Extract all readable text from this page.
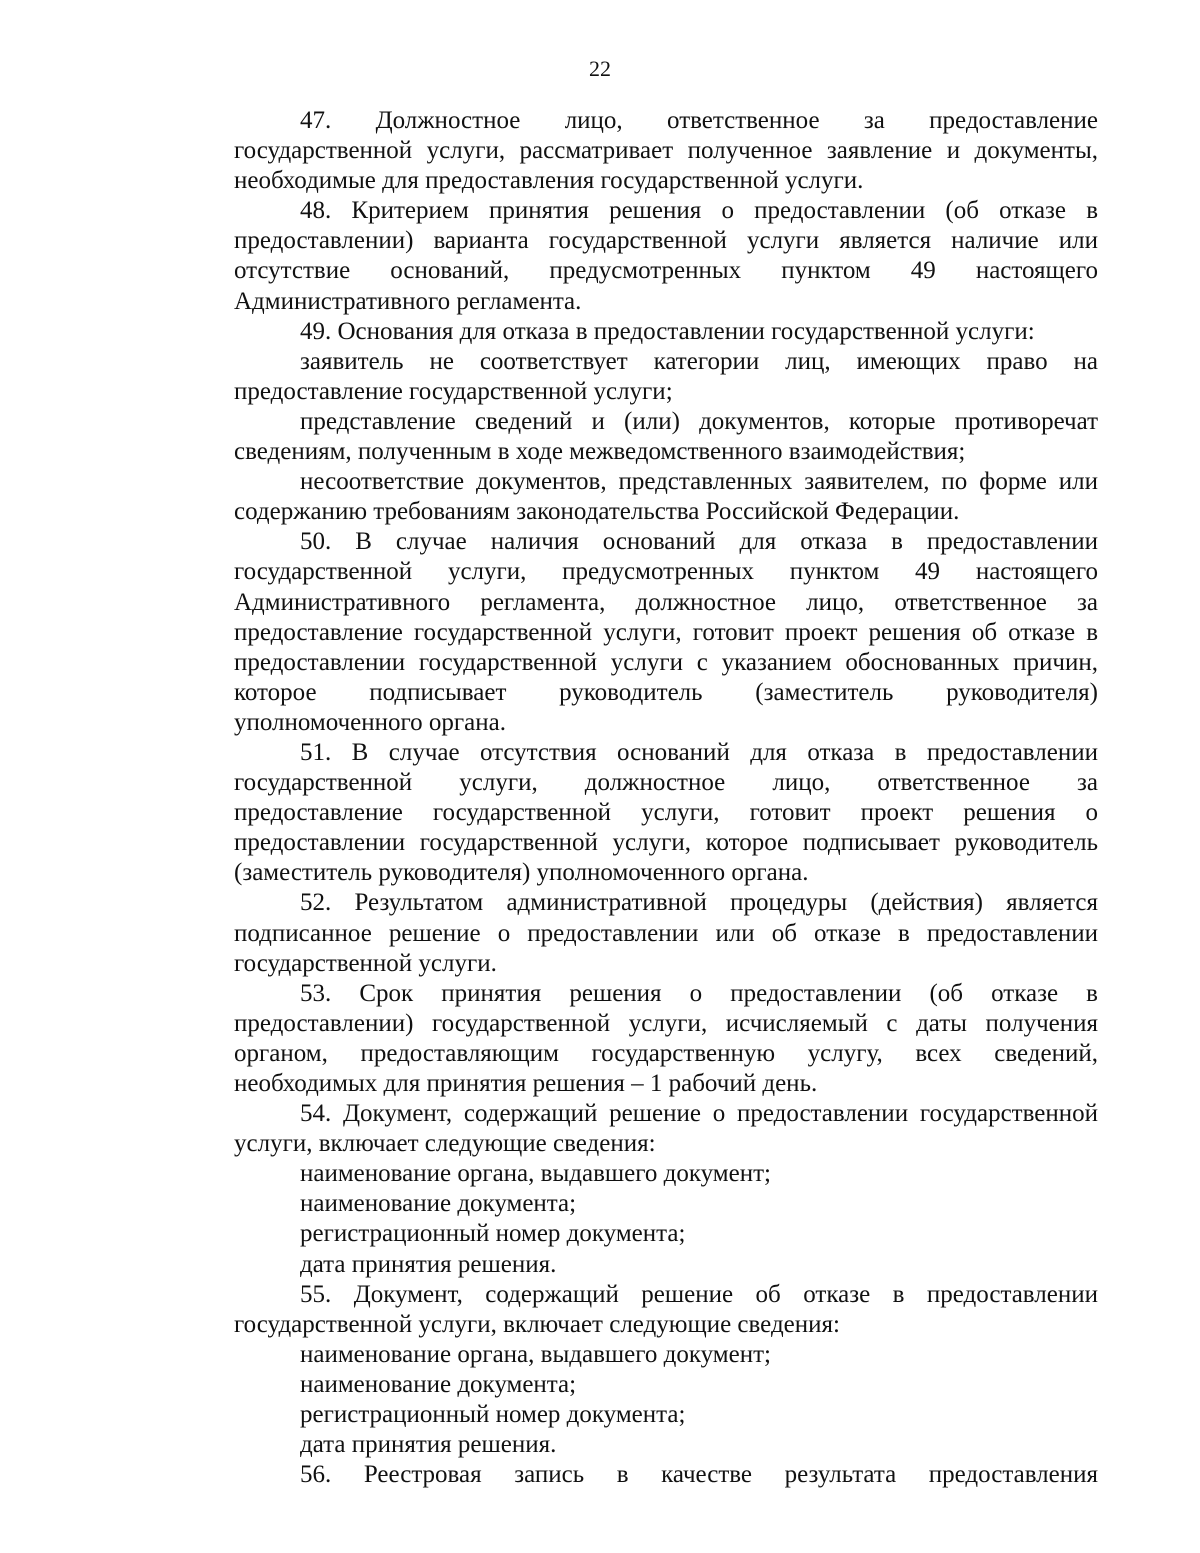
22
47. Должностное лицо, ответственное за предоставление
государственной услуги, рассматривает полученное заявление и документы,
необходимые для предоставления государственной услуги.
48. Критерием принятия решения о предоставлении (об отказе в
предоставлении) варианта государственной услуги является наличие или
отсутствие оснований, предусмотренных пунктом 49 настоящего
Административного регламента.
49. Основания для отказа в предоставлении государственной услуги:
заявитель не соответствует категории лиц, имеющих право на
предоставление государственной услуги;
представление сведений и (или) документов, которые противоречат
сведениям, полученным в ходе межведомственного взаимодействия;
несоответствие документов, представленных заявителем, по форме или
содержанию требованиям законодательства Российской Федерации.
50. В случае наличия оснований для отказа в предоставлении
государственной услуги, предусмотренных пунктом 49 настоящего
Административного регламента, должностное лицо, ответственное за
предоставление государственной услуги, готовит проект решения об отказе в
предоставлении государственной услуги с указанием обоснованных причин,
которое подписывает руководитель (заместитель руководителя)
уполномоченного органа.
51. В случае отсутствия оснований для отказа в предоставлении
государственной услуги, должностное лицо, ответственное за
предоставление государственной услуги, готовит проект решения о
предоставлении государственной услуги, которое подписывает руководитель
(заместитель руководителя) уполномоченного органа.
52. Результатом административной процедуры (действия) является
подписанное решение о предоставлении или об отказе в предоставлении
государственной услуги.
53. Срок принятия решения о предоставлении (об отказе в
предоставлении) государственной услуги, исчисляемый с даты получения
органом, предоставляющим государственную услугу, всех сведений,
необходимых для принятия решения – 1 рабочий день.
54. Документ, содержащий решение о предоставлении государственной
услуги, включает следующие сведения:
наименование органа, выдавшего документ;
наименование документа;
регистрационный номер документа;
дата принятия решения.
55. Документ, содержащий решение об отказе в предоставлении
государственной услуги, включает следующие сведения:
наименование органа, выдавшего документ;
наименование документа;
регистрационный номер документа;
дата принятия решения.
56. Реестровая запись в качестве результата предоставления
